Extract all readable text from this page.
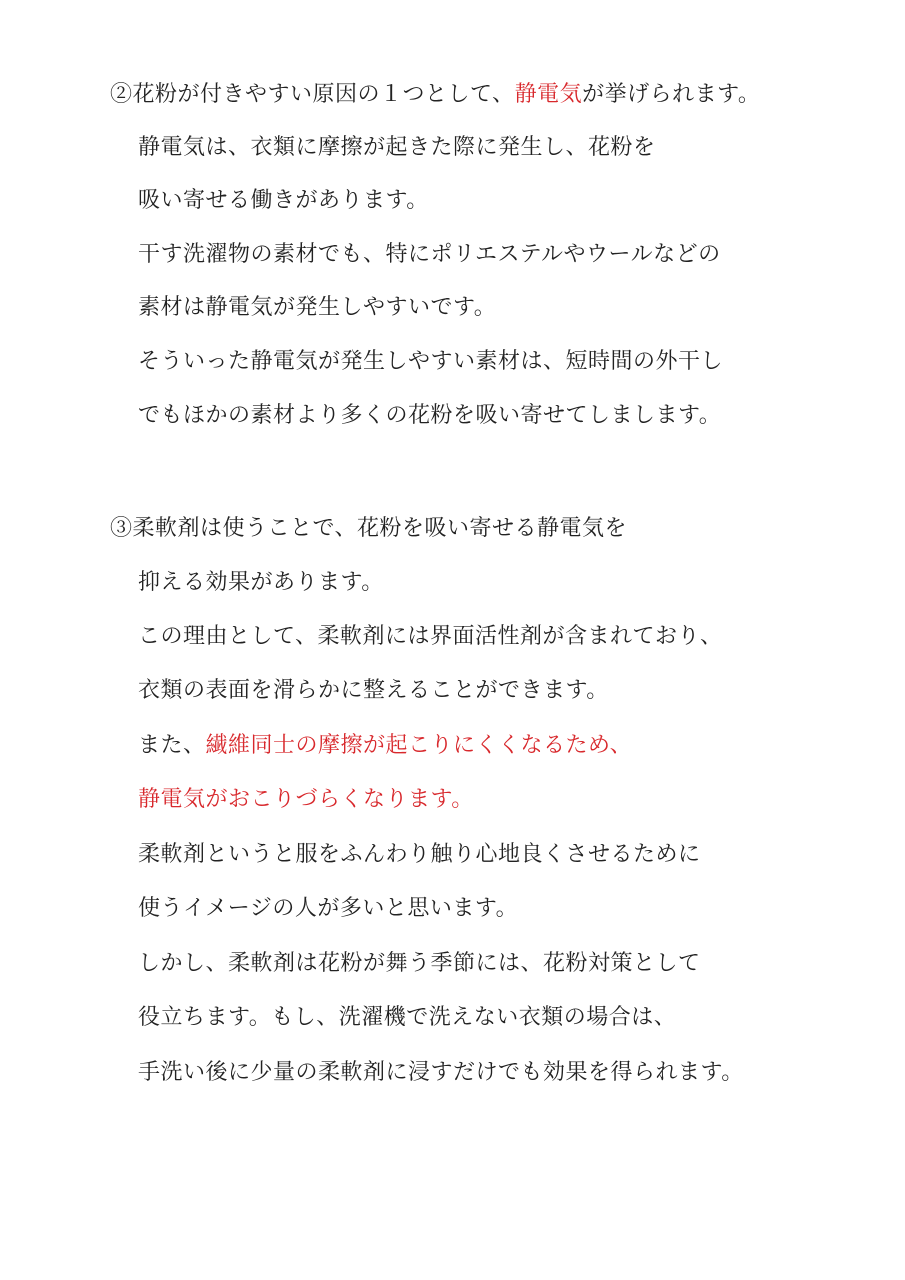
②花粉が付きやすい原因の１つとして、静電気が挙げられます。
静電気は、衣類に摩擦が起きた際に発生し、花粉を
吸い寄せる働きがあります。
干す洗濯物の素材でも、特にポリエステルやウールなどの
素材は静電気が発生しやすいです。
そういった静電気が発生しやすい素材は、短時間の外干し
でもほかの素材より多くの花粉を吸い寄せてしまします。
③柔軟剤は使うことで、花粉を吸い寄せる静電気を
抑える効果があります。
この理由として、柔軟剤には界面活性剤が含まれており、
衣類の表面を滑らかに整えることができます。
また、繊維同士の摩擦が起こりにくくなるため、
静電気がおこりづらくなります。
柔軟剤というと服をふんわり触り心地良くさせるために
使うイメージの人が多いと思います。
しかし、柔軟剤は花粉が舞う季節には、花粉対策として
役立ちます。もし、洗濯機で洗えない衣類の場合は、
手洗い後に少量の柔軟剤に浸すだけでも効果を得られます。
